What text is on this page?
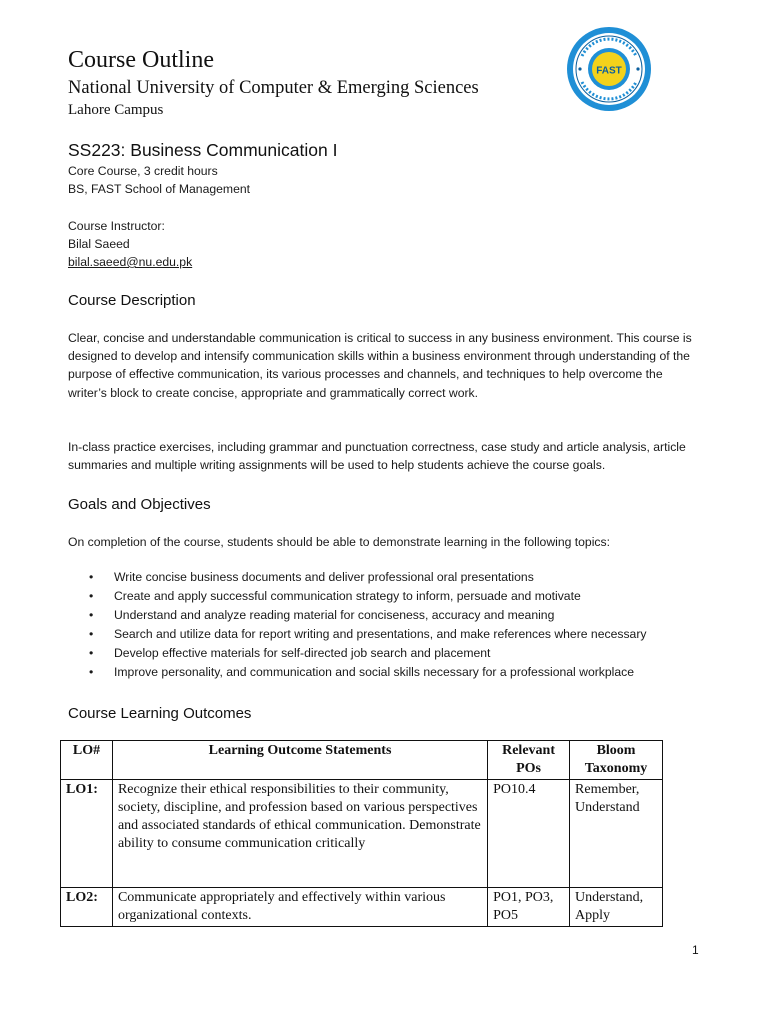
Course Outline
National University of Computer & Emerging Sciences
Lahore Campus
FAST
SS223: Business Communication I
Core Course, 3 credit hours
BS, FAST School of Management
Course Instructor:
Bilal Saeed
bilal.saeed@nu.edu.pk
Course Description
Clear, concise and understandable communication is critical to success in any business environment. This course is designed to develop and intensify communication skills within a business environment through understanding of the purpose of effective communication, its various processes and channels, and techniques to help overcome the writer’s block to create concise, appropriate and grammatically correct work.
In-class practice exercises, including grammar and punctuation correctness, case study and article analysis, article summaries and multiple writing assignments will be used to help students achieve the course goals.
Goals and Objectives
On completion of the course, students should be able to demonstrate learning in the following topics:
• Write concise business documents and deliver professional oral presentations
• Create and apply successful communication strategy to inform, persuade and motivate
• Understand and analyze reading material for conciseness, accuracy and meaning
• Search and utilize data for report writing and presentations, and make references where necessary
• Develop effective materials for self-directed job search and placement
• Improve personality, and communication and social skills necessary for a professional workplace
Course Learning Outcomes
LO#	Learning Outcome Statements	Relevant POs	Bloom Taxonomy
LO1:	Recognize their ethical responsibilities to their community, society, discipline, and profession based on various perspectives and associated standards of ethical communication. Demonstrate ability to consume communication critically	PO10.4	Remember, Understand
LO2:	Communicate appropriately and effectively within various organizational contexts.	PO1, PO3, PO5	Understand, Apply
1
